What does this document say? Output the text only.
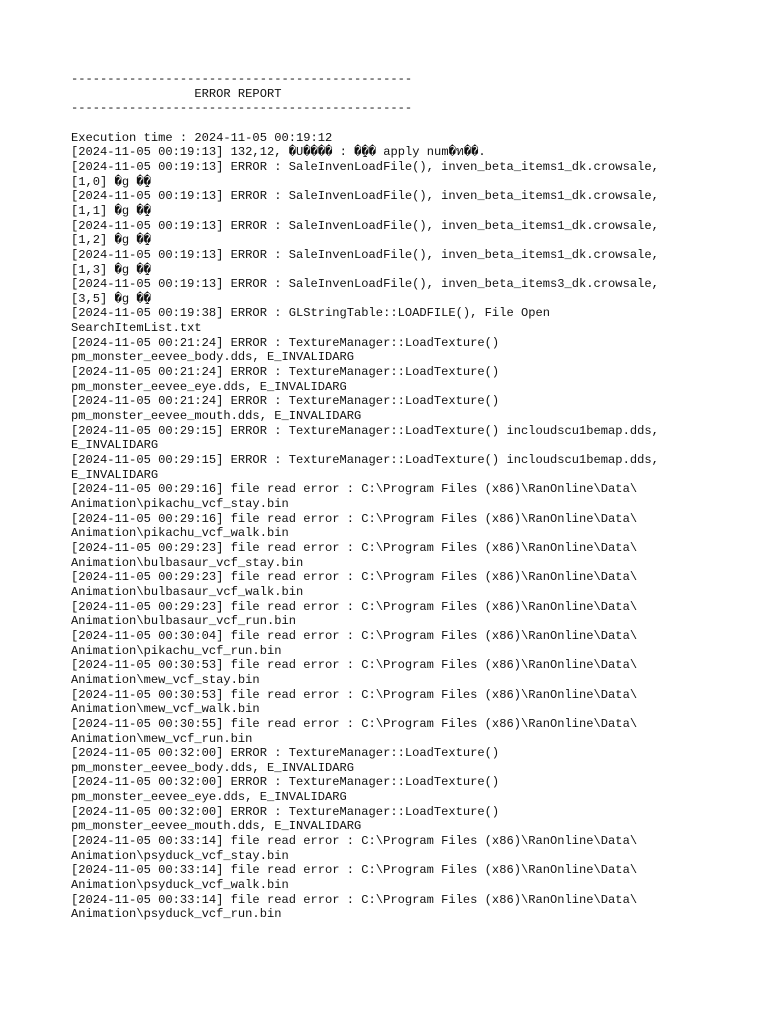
-----------------------------------------------
ERROR REPORT
-----------------------------------------------
Execution time : 2024-11-05 00:19:12
[2024-11-05 00:19:13] 132,12, �U���� : �̱�� apply num�ท��.
[2024-11-05 00:19:13] ERROR : SaleInvenLoadFile(), inven_beta_items1_dk.crowsale,
[1,0] �g �̱�
[2024-11-05 00:19:13] ERROR : SaleInvenLoadFile(), inven_beta_items1_dk.crowsale,
[1,1] �g �̱�
[2024-11-05 00:19:13] ERROR : SaleInvenLoadFile(), inven_beta_items1_dk.crowsale,
[1,2] �g �̱�
[2024-11-05 00:19:13] ERROR : SaleInvenLoadFile(), inven_beta_items1_dk.crowsale,
[1,3] �g �̱�
[2024-11-05 00:19:13] ERROR : SaleInvenLoadFile(), inven_beta_items3_dk.crowsale,
[3,5] �g �̱�
[2024-11-05 00:19:38] ERROR : GLStringTable::LOADFILE(), File Open
SearchItemList.txt
[2024-11-05 00:21:24] ERROR : TextureManager::LoadTexture()
pm_monster_eevee_body.dds, E_INVALIDARG
[2024-11-05 00:21:24] ERROR : TextureManager::LoadTexture()
pm_monster_eevee_eye.dds, E_INVALIDARG
[2024-11-05 00:21:24] ERROR : TextureManager::LoadTexture()
pm_monster_eevee_mouth.dds, E_INVALIDARG
[2024-11-05 00:29:15] ERROR : TextureManager::LoadTexture() incloudscu1bemap.dds,
E_INVALIDARG
[2024-11-05 00:29:15] ERROR : TextureManager::LoadTexture() incloudscu1bemap.dds,
E_INVALIDARG
[2024-11-05 00:29:16] file read error : C:\Program Files (x86)\RanOnline\Data\
Animation\pikachu_vcf_stay.bin
[2024-11-05 00:29:16] file read error : C:\Program Files (x86)\RanOnline\Data\
Animation\pikachu_vcf_walk.bin
[2024-11-05 00:29:23] file read error : C:\Program Files (x86)\RanOnline\Data\
Animation\bulbasaur_vcf_stay.bin
[2024-11-05 00:29:23] file read error : C:\Program Files (x86)\RanOnline\Data\
Animation\bulbasaur_vcf_walk.bin
[2024-11-05 00:29:23] file read error : C:\Program Files (x86)\RanOnline\Data\
Animation\bulbasaur_vcf_run.bin
[2024-11-05 00:30:04] file read error : C:\Program Files (x86)\RanOnline\Data\
Animation\pikachu_vcf_run.bin
[2024-11-05 00:30:53] file read error : C:\Program Files (x86)\RanOnline\Data\
Animation\mew_vcf_stay.bin
[2024-11-05 00:30:53] file read error : C:\Program Files (x86)\RanOnline\Data\
Animation\mew_vcf_walk.bin
[2024-11-05 00:30:55] file read error : C:\Program Files (x86)\RanOnline\Data\
Animation\mew_vcf_run.bin
[2024-11-05 00:32:00] ERROR : TextureManager::LoadTexture()
pm_monster_eevee_body.dds, E_INVALIDARG
[2024-11-05 00:32:00] ERROR : TextureManager::LoadTexture()
pm_monster_eevee_eye.dds, E_INVALIDARG
[2024-11-05 00:32:00] ERROR : TextureManager::LoadTexture()
pm_monster_eevee_mouth.dds, E_INVALIDARG
[2024-11-05 00:33:14] file read error : C:\Program Files (x86)\RanOnline\Data\
Animation\psyduck_vcf_stay.bin
[2024-11-05 00:33:14] file read error : C:\Program Files (x86)\RanOnline\Data\
Animation\psyduck_vcf_walk.bin
[2024-11-05 00:33:14] file read error : C:\Program Files (x86)\RanOnline\Data\
Animation\psyduck_vcf_run.bin
